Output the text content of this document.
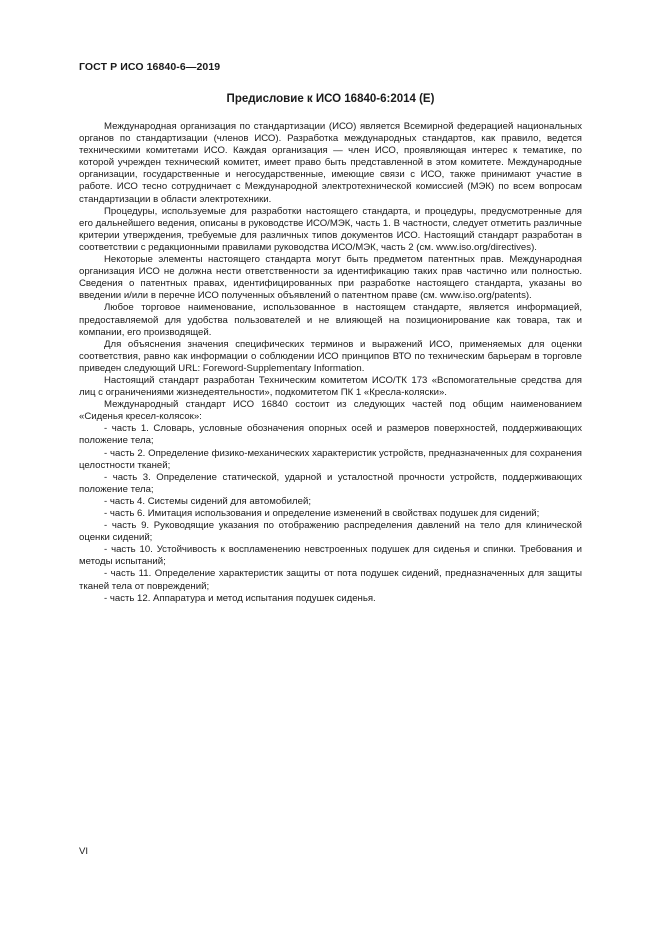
ГОСТ Р ИСО 16840-6—2019
Предисловие к ИСО 16840-6:2014 (E)

Международная организация по стандартизации (ИСО) является Всемирной федерацией национальных органов по стандартизации (членов ИСО). Разработка международных стандартов, как правило, ведется техническими комитетами ИСО. Каждая организация — член ИСО, проявляющая интерес к тематике, по которой учрежден технический комитет, имеет право быть представленной в этом комитете. Международные организации, государственные и негосударственные, имеющие связи с ИСО, также принимают участие в работе. ИСО тесно сотрудничает с Международной электротехнической комиссией (МЭК) по всем вопросам стандартизации в области электротехники.

Процедуры, используемые для разработки настоящего стандарта, и процедуры, предусмотренные для его дальнейшего ведения, описаны в руководстве ИСО/МЭК, часть 1. В частности, следует отметить различные критерии утверждения, требуемые для различных типов документов ИСО. Настоящий стандарт разработан в соответствии с редакционными правилами руководства ИСО/МЭК, часть 2 (см. www.iso.org/directives).

Некоторые элементы настоящего стандарта могут быть предметом патентных прав. Международная организация ИСО не должна нести ответственности за идентификацию таких прав частично или полностью. Сведения о патентных правах, идентифицированных при разработке настоящего стандарта, указаны во введении и/или в перечне ИСО полученных объявлений о патентном праве (см. www.iso.org/patents).

Любое торговое наименование, использованное в настоящем стандарте, является информацией, предоставляемой для удобства пользователей и не влияющей на позиционирование как товара, так и компании, его производящей.

Для объяснения значения специфических терминов и выражений ИСО, применяемых для оценки соответствия, равно как информации о соблюдении ИСО принципов ВТО по техническим барьерам в торговле приведен следующий URL: Foreword-Supplementary Information.

Настоящий стандарт разработан Техническим комитетом ИСО/ТК 173 «Вспомогательные средства для лиц с ограничениями жизнедеятельности», подкомитетом ПК 1 «Кресла-коляски».

Международный стандарт ИСО 16840 состоит из следующих частей под общим наименованием «Сиденья кресел-колясок»:

- часть 1. Словарь, условные обозначения опорных осей и размеров поверхностей, поддерживающих положение тела;
- часть 2. Определение физико-механических характеристик устройств, предназначенных для сохранения целостности тканей;
- часть 3. Определение статической, ударной и усталостной прочности устройств, поддерживающих положение тела;
- часть 4. Системы сидений для автомобилей;
- часть 6. Имитация использования и определение изменений в свойствах подушек для сидений;
- часть 9. Руководящие указания по отображению распределения давлений на тело для клинической оценки сидений;
- часть 10. Устойчивость к воспламенению невстроенных подушек для сиденья и спинки. Требования и методы испытаний;
- часть 11. Определение характеристик защиты от пота подушек сидений, предназначенных для защиты тканей тела от повреждений;
- часть 12. Аппаратура и метод испытания подушек сиденья.
VI
